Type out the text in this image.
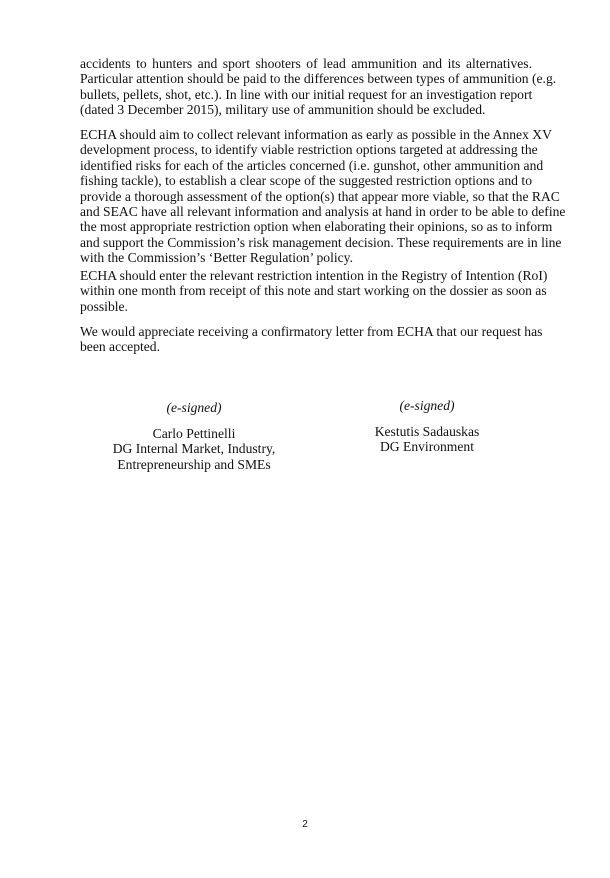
accidents to hunters and sport shooters of lead ammunition and its alternatives.
Particular attention should be paid to the differences between types of ammunition (e.g.
bullets, pellets, shot, etc.). In line with our initial request for an investigation report
(dated 3 December 2015), military use of ammunition should be excluded.

ECHA should aim to collect relevant information as early as possible in the Annex XV
development process, to identify viable restriction options targeted at addressing the
identified risks for each of the articles concerned (i.e. gunshot, other ammunition and
fishing tackle), to establish a clear scope of the suggested restriction options and to
provide a thorough assessment of the option(s) that appear more viable, so that the RAC
and SEAC have all relevant information and analysis at hand in order to be able to define
the most appropriate restriction option when elaborating their opinions, so as to inform
and support the Commission’s risk management decision. These requirements are in line
with the Commission’s ‘Better Regulation’ policy.

ECHA should enter the relevant restriction intention in the Registry of Intention (RoI)
within one month from receipt of this note and start working on the dossier as soon as
possible.

We would appreciate receiving a confirmatory letter from ECHA that our request has
been accepted.

(e-signed)
Carlo Pettinelli
DG Internal Market, Industry,
Entrepreneurship and SMEs
(e-signed)
Kestutis Sadauskas
DG Environment
2
